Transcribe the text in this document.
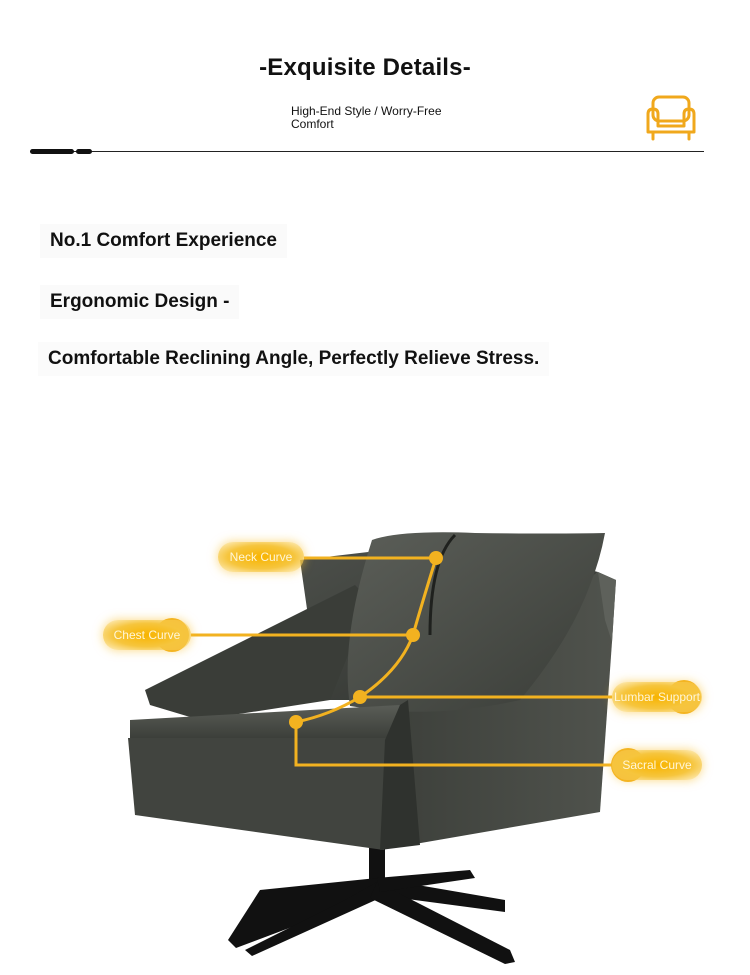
-Exquisite Details-
High-End Style / Worry-Free Comfort
No.1 Comfort Experience
Ergonomic Design -
Comfortable Reclining Angle, Perfectly Relieve Stress.
Neck Curve
Chest Curve
Lumbar Support
Sacral Curve
